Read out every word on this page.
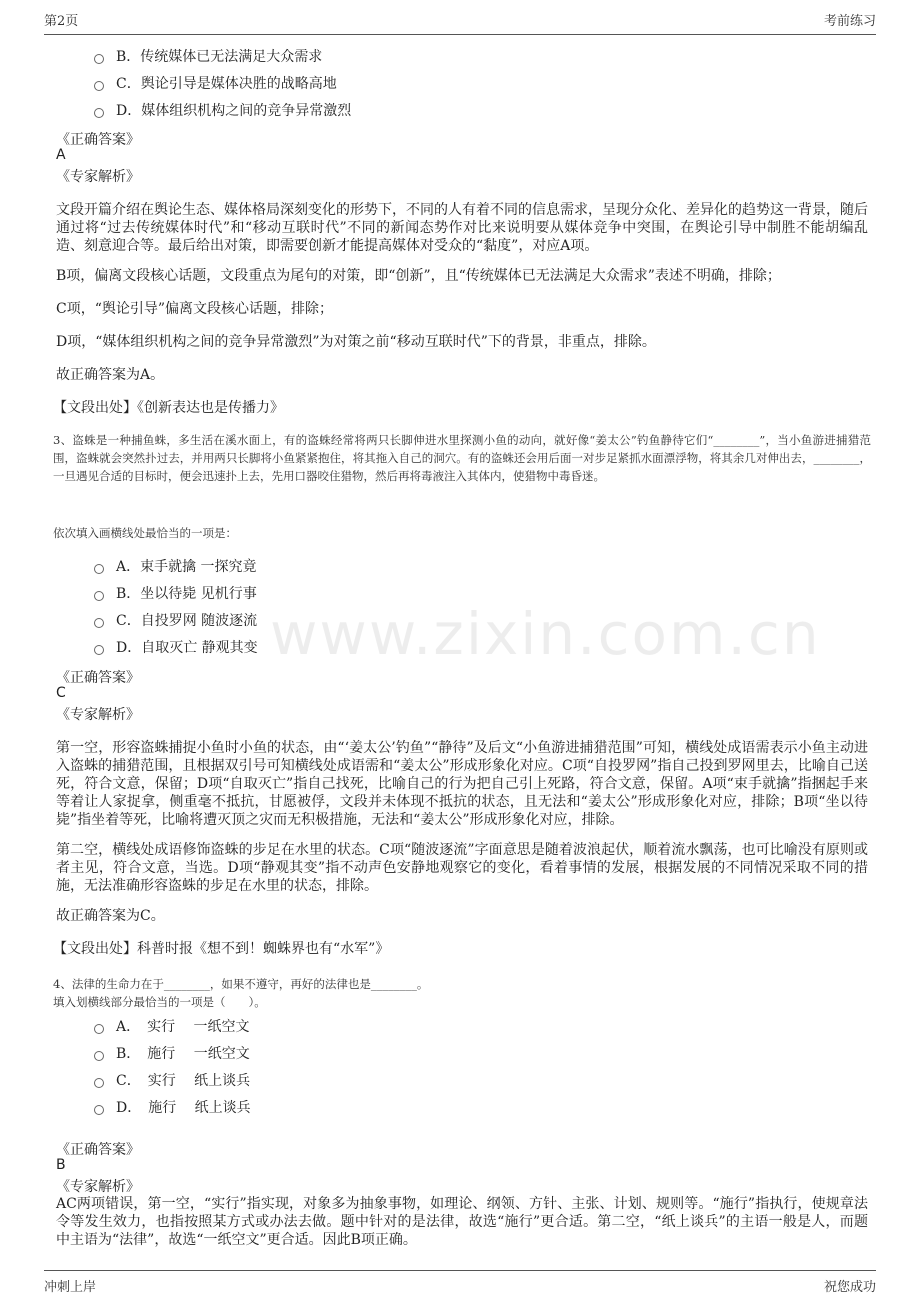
第2页	考前练习
www.zixin.com.cn
B．传统媒体已无法满足大众需求
C．舆论引导是媒体决胜的战略高地
D．媒体组织机构之间的竞争异常激烈
《正确答案》
A
《专家解析》
文段开篇介绍在舆论生态、媒体格局深刻变化的形势下，不同的人有着不同的信息需求，呈现分众化、差异化的趋势这一背景，随后通过将“过去传统媒体时代”和“移动互联时代”不同的新闻态势作对比来说明要从媒体竞争中突围，在舆论引导中制胜不能胡编乱造、刻意迎合等。最后给出对策，即需要创新才能提高媒体对受众的“黏度”，对应A项。
B项，偏离文段核心话题，文段重点为尾句的对策，即“创新”，且“传统媒体已无法满足大众需求”表述不明确，排除；
C项，“舆论引导”偏离文段核心话题，排除；
D项，“媒体组织机构之间的竞争异常激烈”为对策之前“移动互联时代”下的背景，非重点，排除。
故正确答案为A。
【文段出处】《创新表达也是传播力》
3、盗蛛是一种捕鱼蛛，多生活在溪水面上，有的盗蛛经常将两只长脚伸进水里探测小鱼的动向，就好像“姜太公”钓鱼静待它们“________”，当小鱼游进捕猎范围，盗蛛就会突然扑过去，并用两只长脚将小鱼紧紧抱住，将其拖入自己的洞穴。有的盗蛛还会用后面一对步足紧抓水面漂浮物，将其余几对伸出去，________，一旦遇见合适的目标时，便会迅速扑上去，先用口器咬住猎物，然后再将毒液注入其体内，使猎物中毒昏迷。
依次填入画横线处最恰当的一项是：
A．束手就擒 一探究竟
B．坐以待毙 见机行事
C．自投罗网 随波逐流
D．自取灭亡 静观其变
《正确答案》
C
《专家解析》
第一空，形容盗蛛捕捉小鱼时小鱼的状态，由“‘姜太公’钓鱼”“静待”及后文“小鱼游进捕猎范围”可知，横线处成语需表示小鱼主动进入盗蛛的捕猎范围，且根据双引号可知横线处成语需和“姜太公”形成形象化对应。C项“自投罗网”指自己投到罗网里去，比喻自己送死，符合文意，保留；D项“自取灭亡”指自己找死，比喻自己的行为把自己引上死路，符合文意，保留。A项“束手就擒”指捆起手来等着让人家捉拿，侧重毫不抵抗，甘愿被俘，文段并未体现不抵抗的状态，且无法和“姜太公”形成形象化对应，排除；B项“坐以待毙”指坐着等死，比喻将遭灭顶之灾而无积极措施，无法和“姜太公”形成形象化对应，排除。
第二空，横线处成语修饰盗蛛的步足在水里的状态。C项“随波逐流”字面意思是随着波浪起伏，顺着流水飘荡，也可比喻没有原则或者主见，符合文意，当选。D项“静观其变”指不动声色安静地观察它的变化，看着事情的发展，根据发展的不同情况采取不同的措施，无法准确形容盗蛛的步足在水里的状态，排除。
故正确答案为C。
【文段出处】科普时报《想不到！蜘蛛界也有“水军”》
4、法律的生命力在于________，如果不遵守，再好的法律也是________。
填入划横线部分最恰当的一项是（　　）。
A．　实行　 一纸空文
B．　施行　 一纸空文
C．　实行　 纸上谈兵
D．　施行　 纸上谈兵
《正确答案》
B
《专家解析》
AC两项错误，第一空，“实行”指实现，对象多为抽象事物，如理论、纲领、方针、主张、计划、规则等。“施行”指执行，使规章法令等发生效力，也指按照某方式或办法去做。题中针对的是法律，故选“施行”更合适。第二空，“纸上谈兵”的主语一般是人，而题中主语为“法律”，故选“一纸空文”更合适。因此B项正确。
冲刺上岸	祝您成功
